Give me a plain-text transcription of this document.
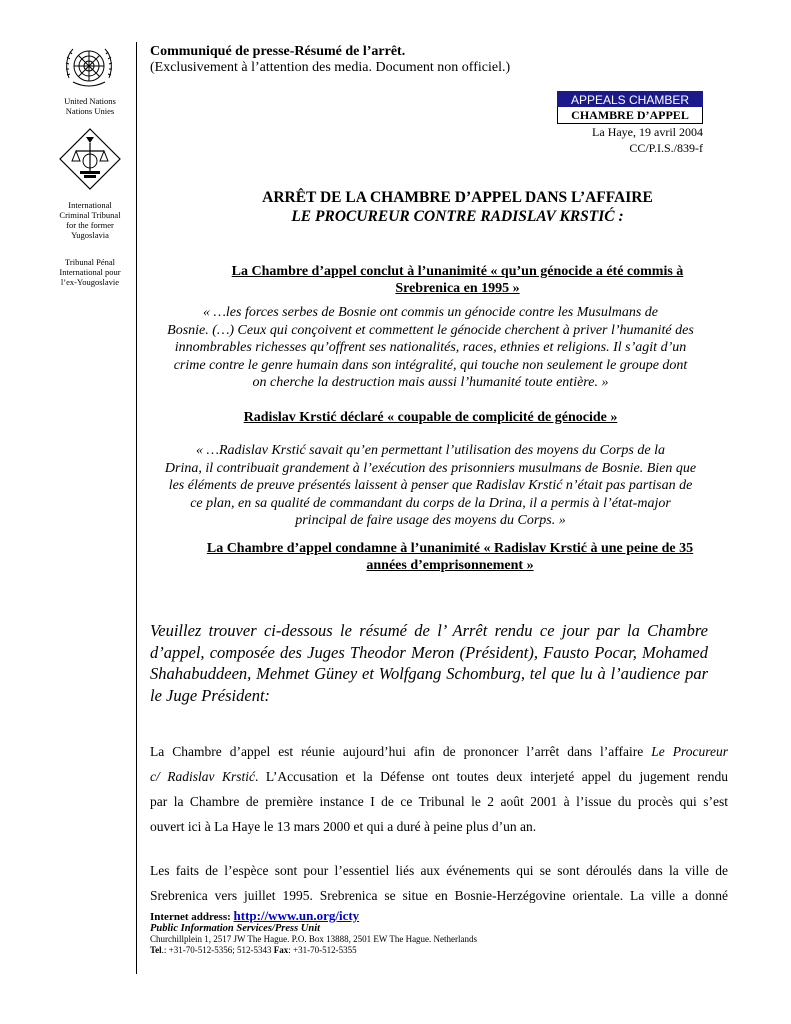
United Nations
Nations Unies
International
Criminal Tribunal
for the former
Yugoslavia
Tribunal Pénal
International pour
l’ex-Yougoslavie
Communiqué de presse-Résumé de l’arrêt.
(Exclusivement à l’attention des media. Document non officiel.)
APPEALS CHAMBER
CHAMBRE D’APPEL
La Haye, 19 avril 2004
CC/P.I.S./839-f
ARRÊT DE LA CHAMBRE D’APPEL DANS L’AFFAIRE
LE PROCUREUR CONTRE RADISLAV KRSTIĆ :
La Chambre d’appel conclut à l’unanimité « qu’un génocide a été commis à
Srebrenica en 1995 »
« …les forces serbes de Bosnie ont commis un génocide contre les Musulmans de
Bosnie. (…) Ceux qui conçoivent et commettent le génocide cherchent à priver l’humanité des
innombrables richesses qu’offrent ses nationalités, races, ethnies et religions. Il s’agit d’un
crime contre le genre humain dans son intégralité, qui touche non seulement le groupe dont
on cherche la destruction mais aussi l’humanité toute entière. »
Radislav Krstić déclaré « coupable de complicité de génocide »
« …Radislav Krstić savait qu’en permettant l’utilisation des moyens du Corps de la
Drina, il contribuait grandement à l’exécution des prisonniers musulmans de Bosnie. Bien que
les éléments de preuve présentés laissent à penser que Radislav Krstić n’était pas partisan de
ce plan, en sa qualité de commandant du corps de la Drina, il a permis à l’état-major
principal de faire usage des moyens du Corps. »
La Chambre d’appel condamne à l’unanimité « Radislav Krstić à une peine de 35
années d’emprisonnement »
Veuillez trouver ci-dessous le résumé de l’ Arrêt rendu ce jour par la Chambre d’appel, composée des Juges Theodor Meron (Président), Fausto Pocar, Mohamed Shahabuddeen, Mehmet Güney et Wolfgang Schomburg, tel que lu à l’audience par le Juge Président:
La Chambre d’appel est réunie aujourd’hui afin de prononcer l’arrêt dans l’affaire Le Procureur
c/ Radislav Krstić. L’Accusation et la Défense ont toutes deux interjeté appel du jugement rendu
par la Chambre de première instance I de ce Tribunal le 2 août 2001 à l’issue du procès qui s’est
ouvert ici à La Haye le 13 mars 2000 et qui a duré à peine plus d’un an.
Les faits de l’espèce sont pour l’essentiel liés aux événements qui se sont déroulés dans la ville de
Srebrenica vers juillet 1995. Srebrenica se situe en Bosnie-Herzégovine orientale. La ville a donné
Internet address: http://www.un.org/icty
Public Information Services/Press Unit
Churchillplein 1, 2517 JW The Hague. P.O. Box 13888, 2501 EW The Hague. Netherlands
Tel.: +31-70-512-5356; 512-5343 Fax: +31-70-512-5355
